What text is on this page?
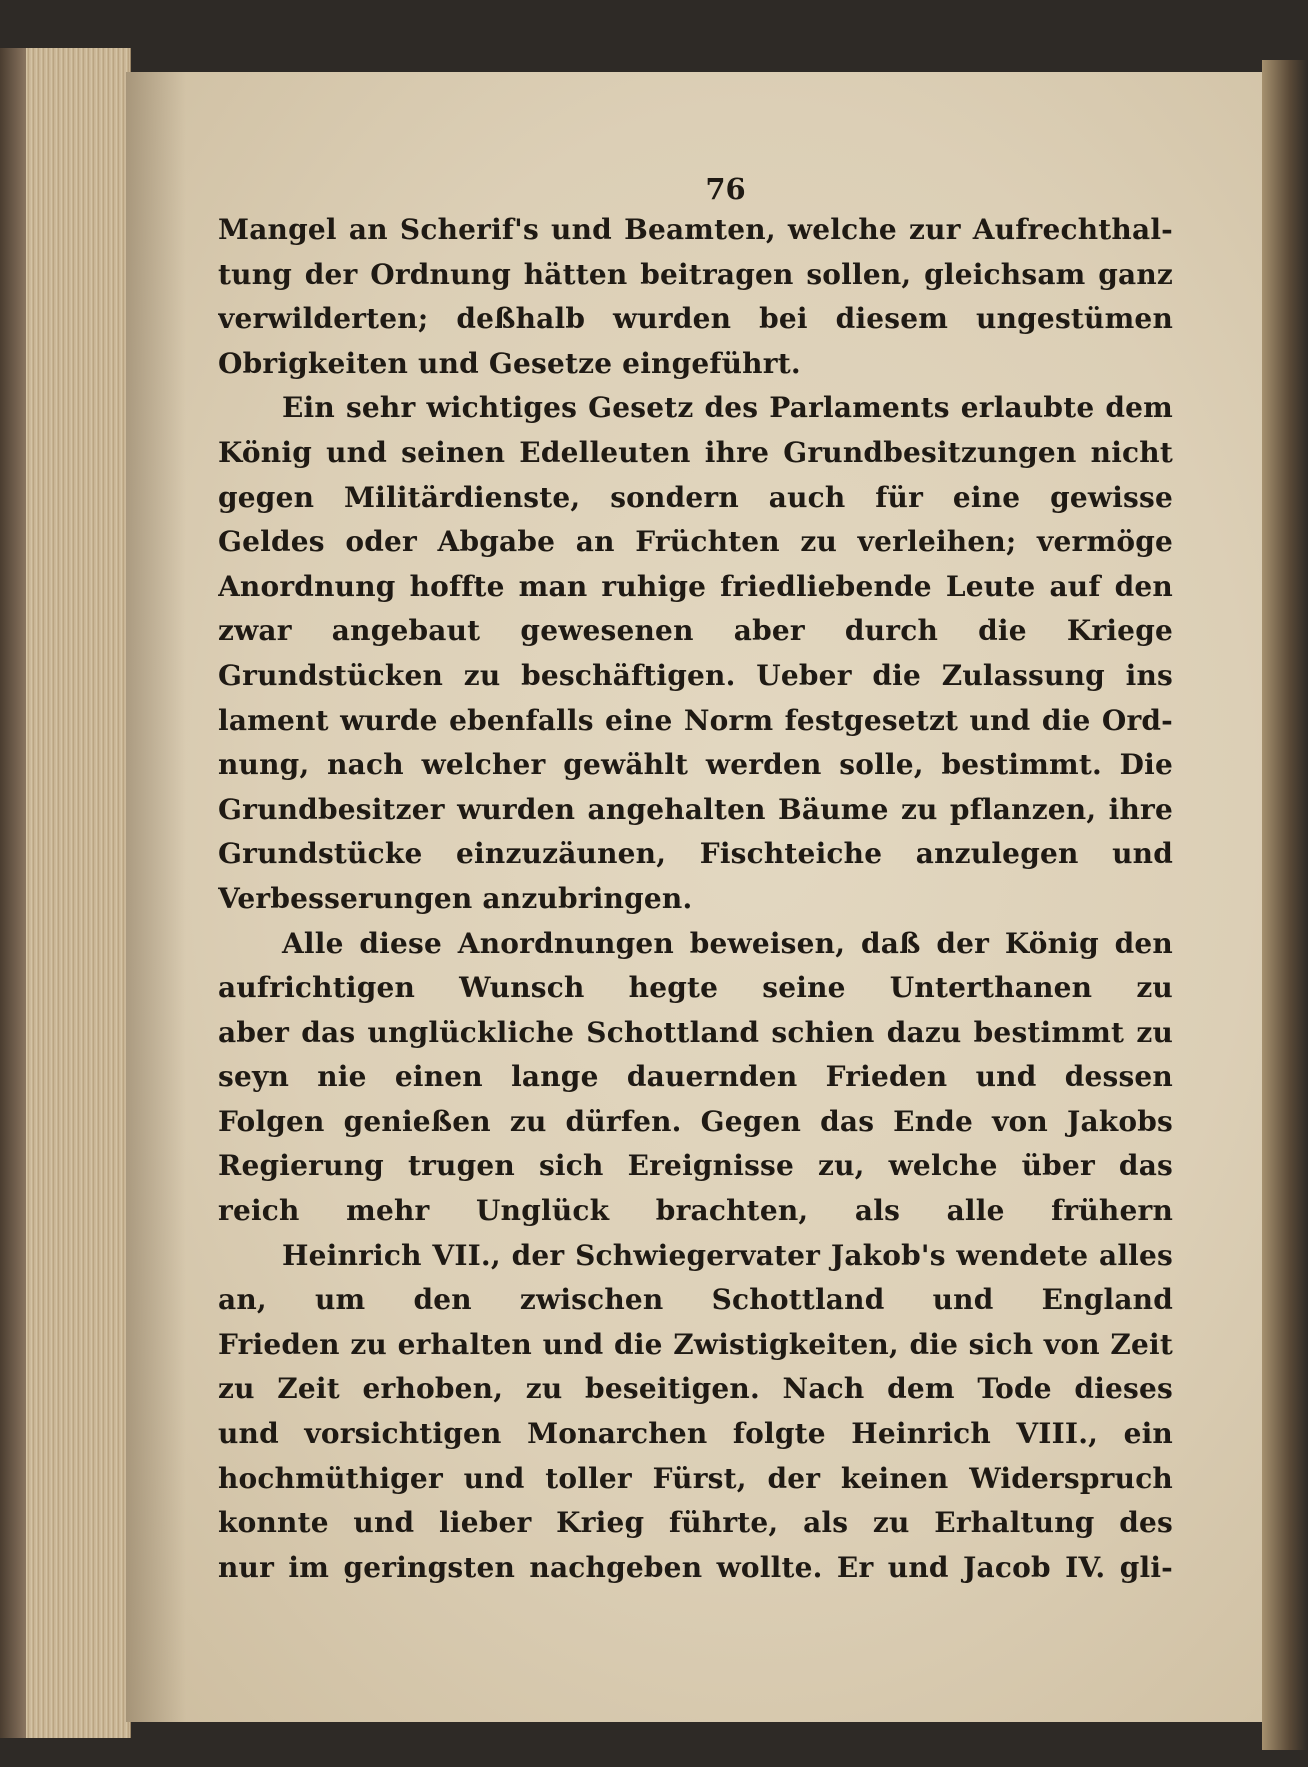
76
Mangel an Scherif's und Beamten, welche zur Aufrechthal-
tung der Ordnung hätten beitragen sollen, gleichsam ganz
verwilderten; deßhalb wurden bei diesem ungestümen
Obrigkeiten und Gesetze eingeführt.
Ein sehr wichtiges Gesetz des Parlaments erlaubte dem
König und seinen Edelleuten ihre Grundbesitzungen nicht
gegen Militärdienste, sondern auch für eine gewisse
Geldes oder Abgabe an Früchten zu verleihen; vermöge
Anordnung hoffte man ruhige friedliebende Leute auf den
zwar angebaut gewesenen aber durch die Kriege
Grundstücken zu beschäftigen. Ueber die Zulassung ins
lament wurde ebenfalls eine Norm festgesetzt und die Ord-
nung, nach welcher gewählt werden solle, bestimmt. Die
Grundbesitzer wurden angehalten Bäume zu pflanzen, ihre
Grundstücke einzuzäunen, Fischteiche anzulegen und
Verbesserungen anzubringen.
Alle diese Anordnungen beweisen, daß der König den
aufrichtigen Wunsch hegte seine Unterthanen zu
aber das unglückliche Schottland schien dazu bestimmt zu
seyn nie einen lange dauernden Frieden und dessen
Folgen genießen zu dürfen. Gegen das Ende von Jakobs
Regierung trugen sich Ereignisse zu, welche über das
reich mehr Unglück brachten, als alle frühern
Heinrich VII., der Schwiegervater Jakob's wendete alles
an, um den zwischen Schottland und England
Frieden zu erhalten und die Zwistigkeiten, die sich von Zeit
zu Zeit erhoben, zu beseitigen. Nach dem Tode dieses
und vorsichtigen Monarchen folgte Heinrich VIII., ein
hochmüthiger und toller Fürst, der keinen Widerspruch
konnte und lieber Krieg führte, als zu Erhaltung des
nur im geringsten nachgeben wollte. Er und Jacob IV. gli-
